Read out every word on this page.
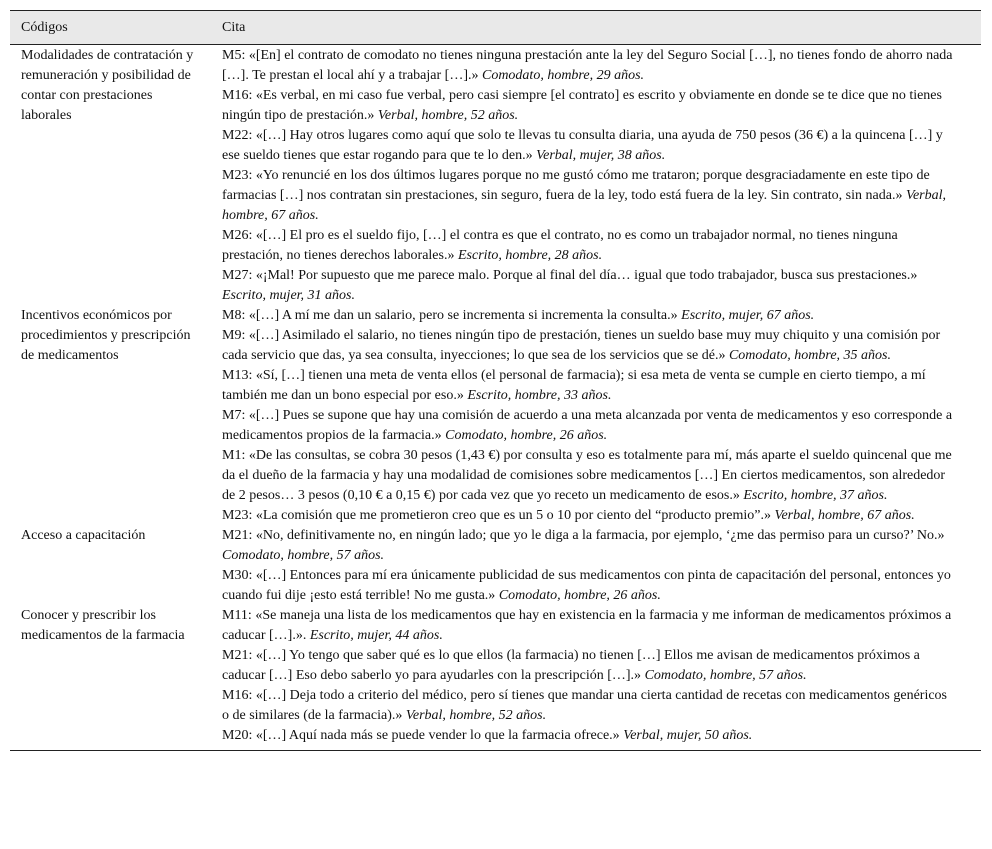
Códigos	Cita
Modalidades de contratación y remuneración y posibilidad de contar con prestaciones laborales

M5: «[En] el contrato de comodato no tienes ninguna prestación ante la ley del Seguro Social […], no tienes fondo de ahorro nada […]. Te prestan el local ahí y a trabajar […].» Comodato, hombre, 29 años.

M16: «Es verbal, en mi caso fue verbal, pero casi siempre [el contrato] es escrito y obviamente en donde se te dice que no tienes ningún tipo de prestación.» Verbal, hombre, 52 años.

M22: «[…] Hay otros lugares como aquí que solo te llevas tu consulta diaria, una ayuda de 750 pesos (36 €) a la quincena […] y ese sueldo tienes que estar rogando para que te lo den.» Verbal, mujer, 38 años.

M23: «Yo renuncié en los dos últimos lugares porque no me gustó cómo me trataron; porque desgraciadamente en este tipo de farmacias […] nos contratan sin prestaciones, sin seguro, fuera de la ley, todo está fuera de la ley. Sin contrato, sin nada.» Verbal, hombre, 67 años.

M26: «[…] El pro es el sueldo fijo, […] el contra es que el contrato, no es como un trabajador normal, no tienes ninguna prestación, no tienes derechos laborales.» Escrito, hombre, 28 años.

M27: «¡Mal! Por supuesto que me parece malo. Porque al final del día… igual que todo trabajador, busca sus prestaciones.» Escrito, mujer, 31 años.

Incentivos económicos por procedimientos y prescripción de medicamentos

M8: «[…] A mí me dan un salario, pero se incrementa si incrementa la consulta.» Escrito, mujer, 67 años.

M9: «[…] Asimilado el salario, no tienes ningún tipo de prestación, tienes un sueldo base muy muy chiquito y una comisión por cada servicio que das, ya sea consulta, inyecciones; lo que sea de los servicios que se dé.» Comodato, hombre, 35 años.

M13: «Sí, […] tienen una meta de venta ellos (el personal de farmacia); si esa meta de venta se cumple en cierto tiempo, a mí también me dan un bono especial por eso.» Escrito, hombre, 33 años.

M7: «[…] Pues se supone que hay una comisión de acuerdo a una meta alcanzada por venta de medicamentos y eso corresponde a medicamentos propios de la farmacia.» Comodato, hombre, 26 años.

M1: «De las consultas, se cobra 30 pesos (1,43 €) por consulta y eso es totalmente para mí, más aparte el sueldo quincenal que me da el dueño de la farmacia y hay una modalidad de comisiones sobre medicamentos […] En ciertos medicamentos, son alrededor de 2 pesos… 3 pesos (0,10 € a 0,15 €) por cada vez que yo receto un medicamento de esos.» Escrito, hombre, 37 años.

M23: «La comisión que me prometieron creo que es un 5 o 10 por ciento del “producto premio”.» Verbal, hombre, 67 años.

Acceso a capacitación	M21: «No, definitivamente no, en ningún lado; que yo le diga a la farmacia, por ejemplo, ‘¿me das permiso para un curso?’ No.» Comodato, hombre, 57 años.

M30: «[…] Entonces para mí era únicamente publicidad de sus medicamentos con pinta de capacitación del personal, entonces yo cuando fui dije ¡esto está terrible! No me gusta.» Comodato, hombre, 26 años.

Conocer y prescribir los medicamentos de la farmacia

M11: «Se maneja una lista de los medicamentos que hay en existencia en la farmacia y me informan de medicamentos próximos a caducar […].». Escrito, mujer, 44 años.

M21: «[…] Yo tengo que saber qué es lo que ellos (la farmacia) no tienen […] Ellos me avisan de medicamentos próximos a caducar […] Eso debo saberlo yo para ayudarles con la prescripción […].» Comodato, hombre, 57 años.

M16: «[…] Deja todo a criterio del médico, pero sí tienes que mandar una cierta cantidad de recetas con medicamentos genéricos o de similares (de la farmacia).» Verbal, hombre, 52 años.

M20: «[…] Aquí nada más se puede vender lo que la farmacia ofrece.» Verbal, mujer, 50 años.
